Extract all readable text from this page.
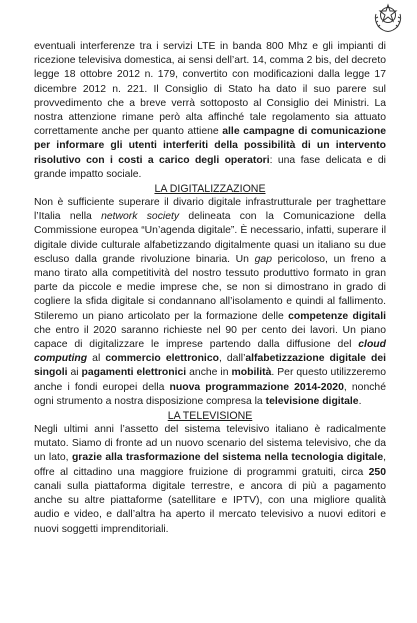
eventuali interferenze tra i servizi LTE in banda 800 Mhz e gli impianti di ricezione televisiva domestica, ai sensi dell’art. 14, comma 2 bis, del decreto legge 18 ottobre 2012 n. 179, convertito con modificazioni dalla legge 17 dicembre 2012 n. 221. Il Consiglio di Stato ha dato il suo parere sul provvedimento che a breve verrà sottoposto al Consiglio dei Ministri. La nostra attenzione rimane però alta affinché tale regolamento sia attuato correttamente anche per quanto attiene alle campagne di comunicazione per informare gli utenti interferiti della possibilità di un intervento risolutivo con i costi a carico degli operatori: una fase delicata e di grande impatto sociale.

LA DIGITALIZZAZIONE

Non è sufficiente superare il divario digitale infrastrutturale per traghettare l’Italia nella network society delineata con la Comunicazione della Commissione europea “Un’agenda digitale”. È necessario, infatti, superare il digitale divide culturale alfabetizzando digitalmente quasi un italiano su due escluso dalla grande rivoluzione binaria. Un gap pericoloso, un freno a mano tirato alla competitività del nostro tessuto produttivo formato in gran parte da piccole e medie imprese che, se non si dimostrano in grado di cogliere la sfida digitale si condannano all’isolamento e quindi al fallimento. Stileremo un piano articolato per la formazione delle competenze digitali che entro il 2020 saranno richieste nel 90 per cento dei lavori. Un piano capace di digitalizzare le imprese partendo dalla diffusione del cloud computing al commercio elettronico, dall’alfabetizzazione digitale dei singoli ai pagamenti elettronici anche in mobilità. Per questo utilizzeremo anche i fondi europei della nuova programmazione 2014-2020, nonché ogni strumento a nostra disposizione compresa la televisione digitale.

LA TELEVISIONE

Negli ultimi anni l’assetto del sistema televisivo italiano è radicalmente mutato. Siamo di fronte ad un nuovo scenario del sistema televisivo, che da un lato, grazie alla trasformazione del sistema nella tecnologia digitale, offre al cittadino una maggiore fruizione di programmi gratuiti, circa 250 canali sulla piattaforma digitale terrestre, e ancora di più a pagamento anche su altre piattaforme (satellitare e IPTV), con una migliore qualità audio e video, e dall’altra ha aperto il mercato televisivo a nuovi editori e nuovi soggetti imprenditoriali.
